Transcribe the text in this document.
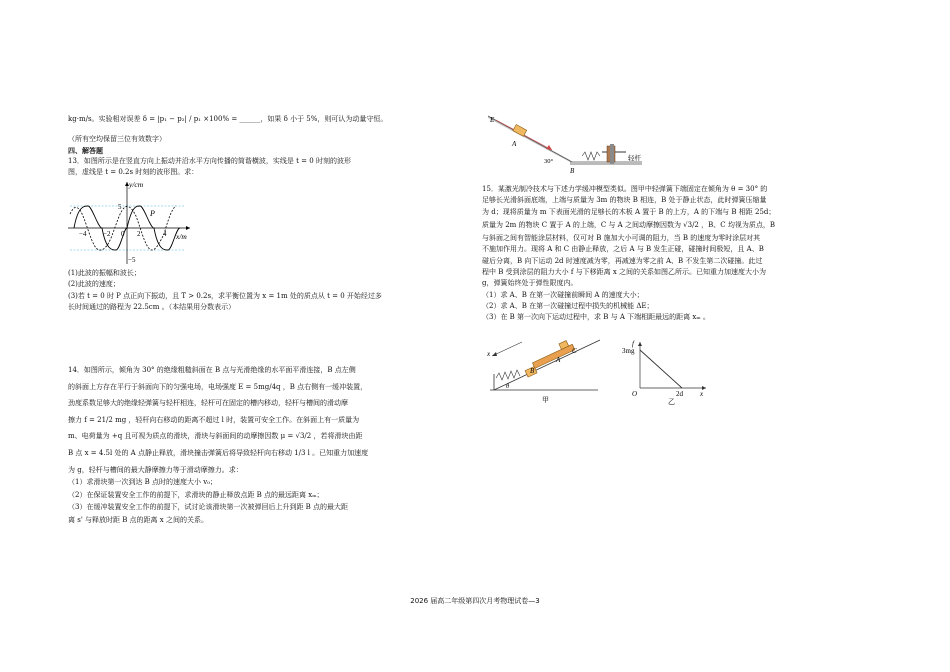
kg·m/s。实验相对误差 δ = |p₁ − p₂| / p₁ ×100% = ______，如果 δ 小于 5%，则可认为动量守恒。

（所有空均保留三位有效数字）
四、解答题

13．如图所示是在竖直方向上振动并沿水平方向传播的简谐横波，实线是 t = 0 时刻的波形

图，虚线是 t = 0.2s 时刻的波形图。求：

y/cm
x/m
5
−5
−4 −2 0 2	4
P

(1)此波的振幅和波长；

(2)此波的速度；

(3)若 t = 0 时 P 点正向下振动，且 T > 0.2s，求平衡位置为 x = 1m 处的质点从 t = 0 开始经过多

长时间通过的路程为 22.5cm 。（本结果用分数表示）

14．如图所示，倾角为 30° 的绝缘粗糙斜面在 B 点与光滑绝缘的水平面平滑连接，B 点左侧

的斜面上方存在平行于斜面向下的匀强电场，电场强度 E = 5mg/4q ，B 点右侧有一缓冲装置，

劲度系数足够大的绝缘轻弹簧与轻杆相连，轻杆可在固定的槽内移动，轻杆与槽间的滑动摩

擦力 f = 21/2 mg ，轻杆向右移动的距离不超过 l 时，装置可安全工作。在斜面上有一质量为

m、电荷量为 +q 且可视为质点的滑块，滑块与斜面间的动摩擦因数 μ = √3/2 ，若将滑块由距

B 点 x = 4.5l 处的 A 点静止释放，滑块撞击弹簧后将导致轻杆向右移动 1/3 l 。已知重力加速度

为 g，轻杆与槽间的最大静摩擦力等于滑动摩擦力。求：

（1）求滑块第一次到达 B 点时的速度大小 v₀；

（2）在保证装置安全工作的前提下，求滑块的静止释放点距 B 点的最远距离 xₘ；

（3）在缓冲装置安全工作的前提下，试讨论该滑块第一次被弹回后上升到距 B 点的最大距

离 s' 与释放时距 B 点的距离 x 之间的关系。

E
A
B
30°	轻杆

15．某激光制冷技术与下述力学缓冲模型类似。图甲中轻弹簧下端固定在倾角为 θ = 30° 的

足够长光滑斜面底端，上端与质量为 3m 的物块 B 相连，B 处于静止状态，此时弹簧压缩量

为 d；现将质量为 m 下表面光滑的足够长的木板 A 置于 B 的上方，A 的下端与 B 相距 25d；

质量为 2m 的物块 C 置于 A 的上端，C 与 A 之间动摩擦因数为 √3/2 ，B、C 均视为质点，B

与斜面之间有智能涂层材料，仅可对 B 施加大小可调的阻力，当 B 的速度为零时涂层对其

不施加作用力。现将 A 和 C 由静止释放，之后 A 与 B 发生正碰，碰撞时间极短，且 A、B

碰后分离，B 向下运动 2d 时速度减为零，再减速为零之前 A、B 不发生第二次碰撞。此过

程中 B 受到涂层的阻力大小 f 与下移距离 x 之间的关系如图乙所示。已知重力加速度大小为

g，弹簧始终处于弹性限度内。

（1）求 A、B 在第一次碰撞前瞬间 A 的速度大小；

（2）求 A、B 在第一次碰撞过程中损失的机械能 ΔE；

（3）在 B 第一次向下运动过程中，求 B 与 A 下端相距最远的距离 xₘ 。

x
A
C
B
θ
甲
f
3mg
O	2d x
乙
2026 届高二年级第四次月考物理试卷—3
